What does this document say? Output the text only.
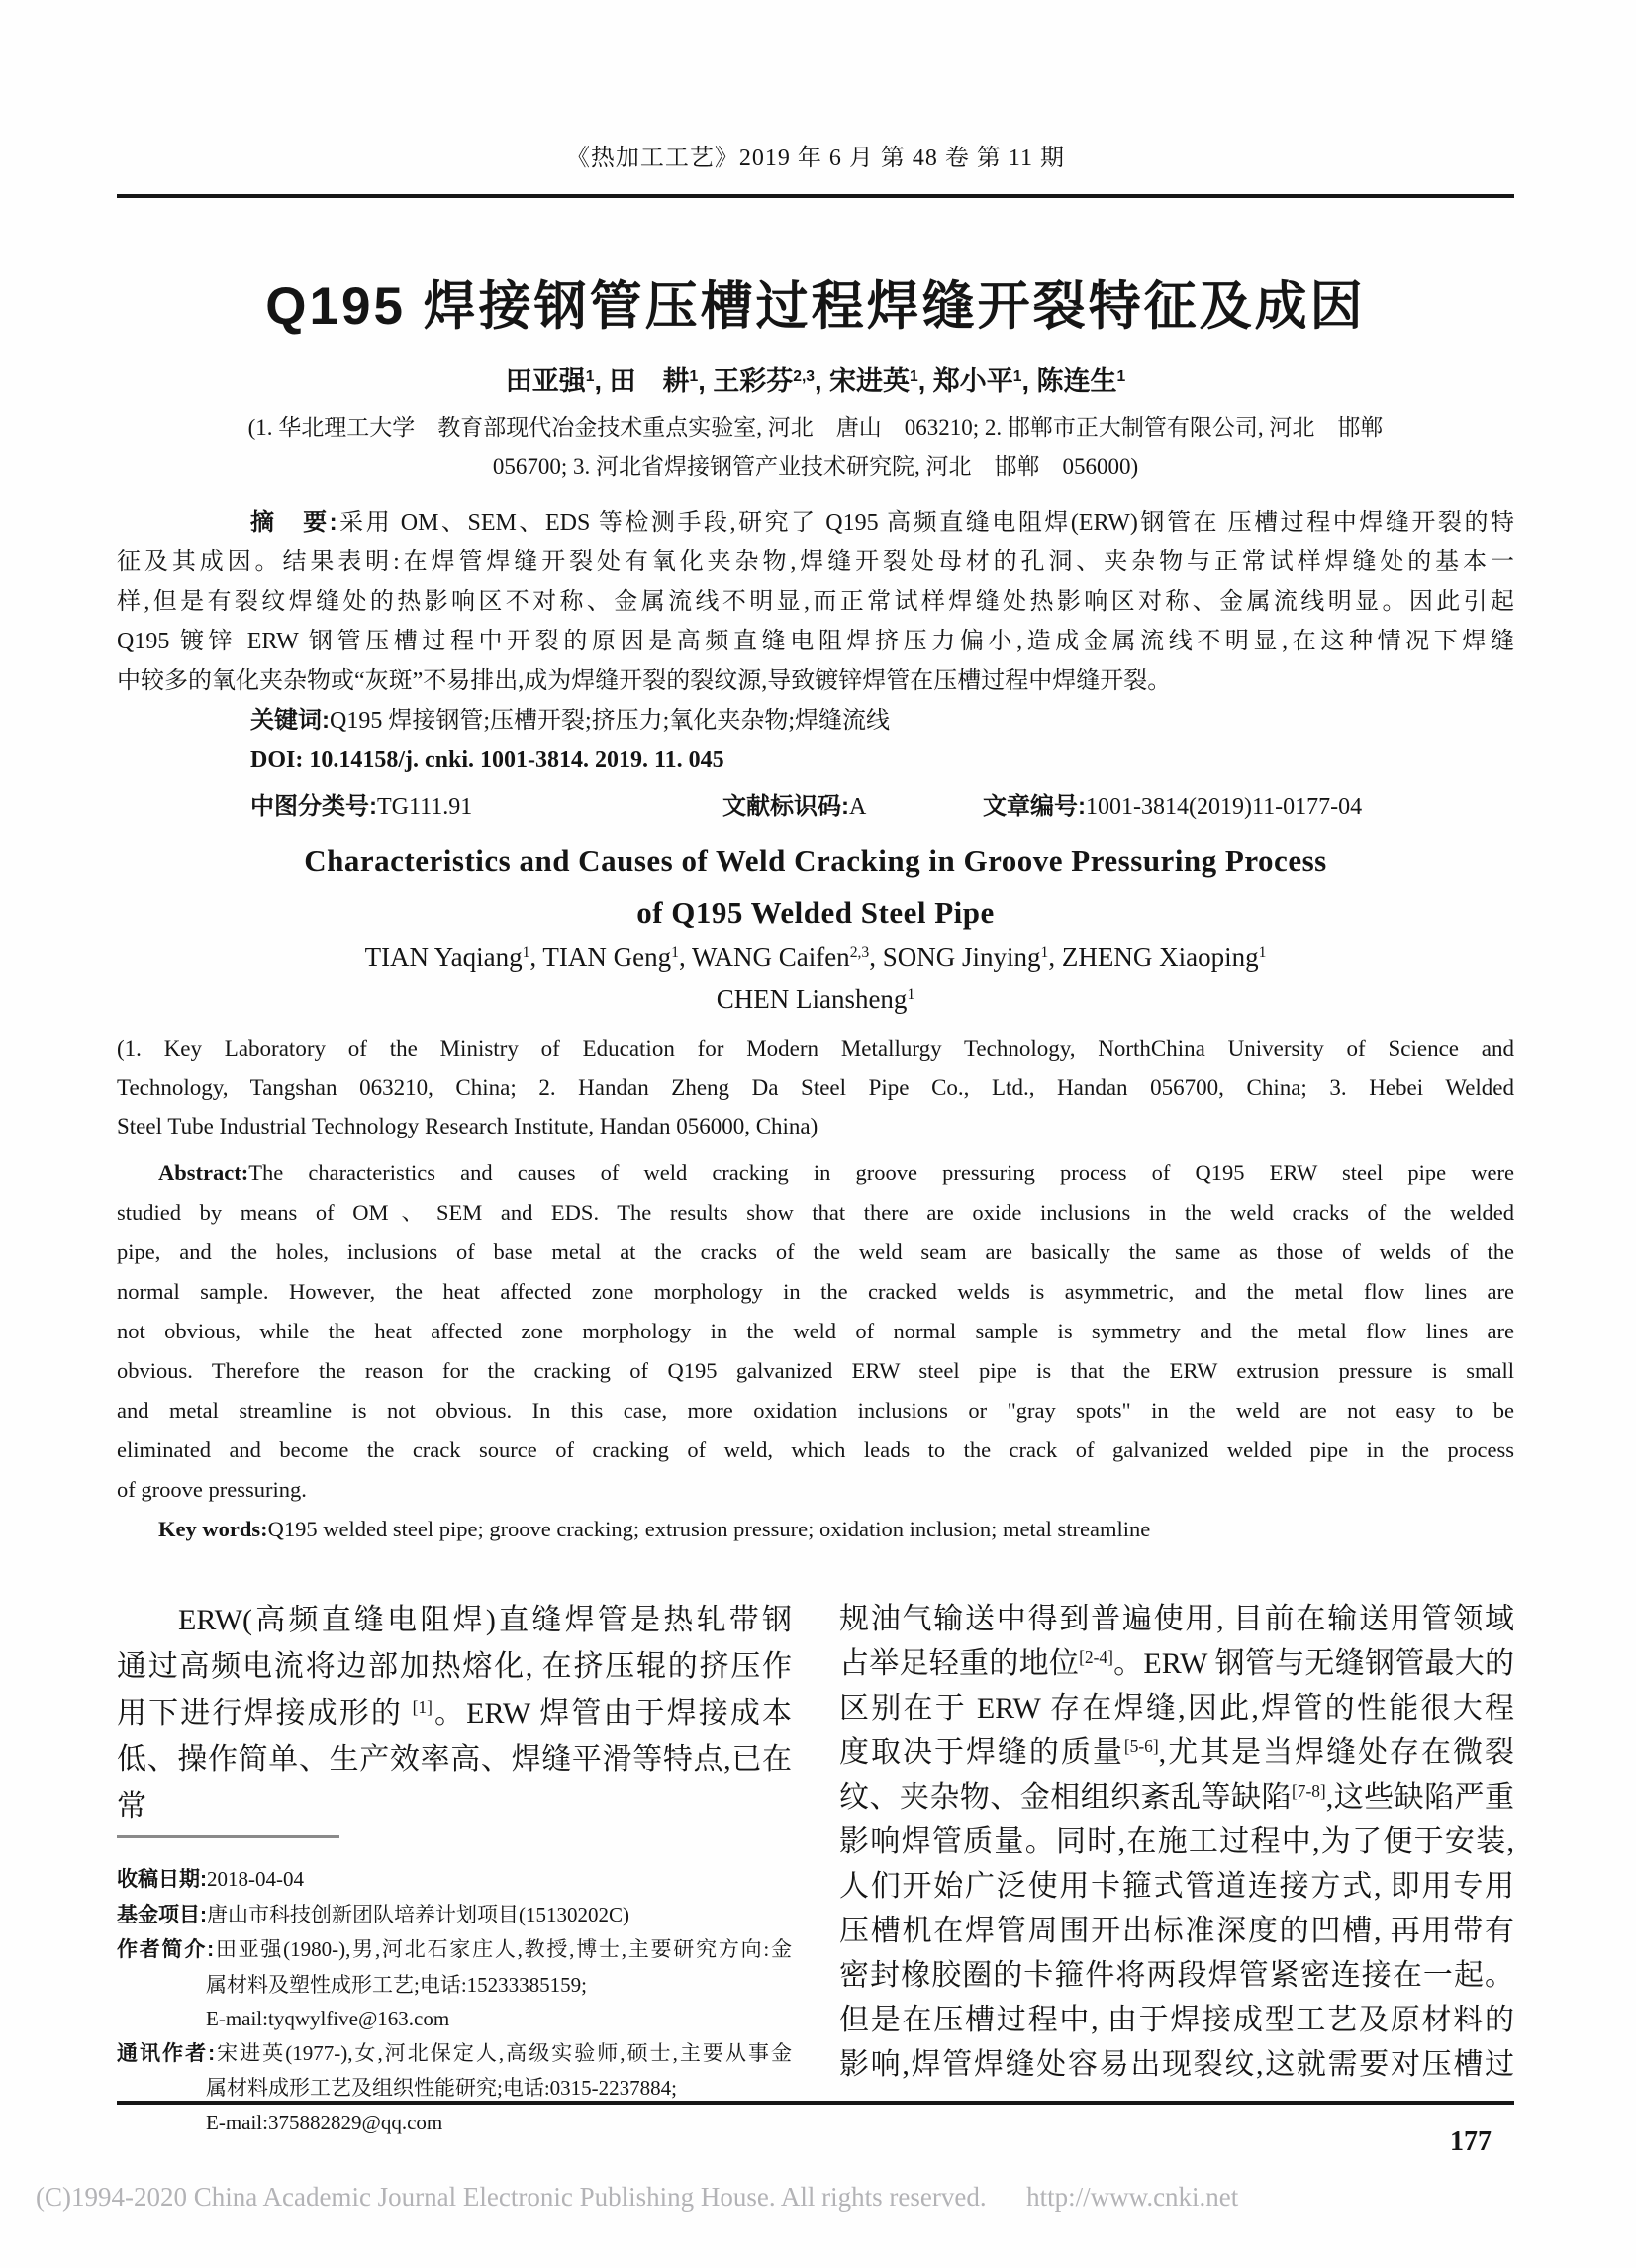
《热加工工艺》2019 年 6 月 第 48 卷 第 11 期
Q195 焊接钢管压槽过程焊缝开裂特征及成因
田亚强$^1$, 田　耕$^1$, 王彩芬$^{2,3}$, 宋进英$^1$, 郑小平$^1$, 陈连生$^1$
(1. 华北理工大学　教育部现代冶金技术重点实验室, 河北　唐山　063210; 2. 邯郸市正大制管有限公司, 河北　邯郸
056700; 3. 河北省焊接钢管产业技术研究院, 河北　邯郸　056000)
摘　要:采用 OM、SEM、EDS 等检测手段,研究了 Q195 高频直缝电阻焊(ERW)钢管在 压槽过程中焊缝开裂的特
征及其成因。结果表明:在焊管焊缝开裂处有氧化夹杂物,焊缝开裂处母材的孔洞、夹杂物与正常试样焊缝处的基本一
样,但是有裂纹焊缝处的热影响区不对称、金属流线不明显,而正常试样焊缝处热影响区对称、金属流线明显。因此引起
Q195 镀锌 ERW 钢管压槽过程中开裂的原因是高频直缝电阻焊挤压力偏小,造成金属流线不明显,在这种情况下焊缝
中较多的氧化夹杂物或“灰斑”不易排出,成为焊缝开裂的裂纹源,导致镀锌焊管在压槽过程中焊缝开裂。
关键词:Q195 焊接钢管;压槽开裂;挤压力;氧化夹杂物;焊缝流线
DOI: 10.14158/j. cnki. 1001-3814. 2019. 11. 045
中图分类号:TG111.91	文献标识码:A	文章编号:1001-3814(2019)11-0177-04
Characteristics and Causes of Weld Cracking in Groove Pressuring Process
of Q195 Welded Steel Pipe
TIAN Yaqiang$^1$, TIAN Geng$^1$, WANG Caifen$^{2,3}$, SONG Jinying$^1$, ZHENG Xiaoping$^1$
CHEN Liansheng$^1$
(1. Key Laboratory of the Ministry of Education for Modern Metallurgy Technology, NorthChina University of Science and
Technology, Tangshan 063210, China; 2. Handan Zheng Da Steel Pipe Co., Ltd., Handan 056700, China; 3. Hebei Welded
Steel Tube Industrial Technology Research Institute, Handan 056000, China)
Abstract:The characteristics and causes of weld cracking in groove pressuring process of Q195 ERW steel pipe were
studied by means of OM、SEM and EDS. The results show that there are oxide inclusions in the weld cracks of the welded
pipe, and the holes, inclusions of base metal at the cracks of the weld seam are basically the same as those of welds of the
normal sample. However, the heat affected zone morphology in the cracked welds is asymmetric, and the metal flow lines are
not obvious, while the heat affected zone morphology in the weld of normal sample is symmetry and the metal flow lines are
obvious. Therefore the reason for the cracking of Q195 galvanized ERW steel pipe is that the ERW extrusion pressure is small
and metal streamline is not obvious. In this case, more oxidation inclusions or "gray spots" in the weld are not easy to be
eliminated and become the crack source of cracking of weld, which leads to the crack of galvanized welded pipe in the process
of groove pressuring.
Key words:Q195 welded steel pipe; groove cracking; extrusion pressure; oxidation inclusion; metal streamline
ERW(高频直缝电阻焊)直缝焊管是热轧带钢
通过高频电流将边部加热熔化, 在挤压辊的挤压作
用下进行焊接成形的 [1]。ERW 焊管由于焊接成本
低、操作简单、生产效率高、焊缝平滑等特点,已在常
收稿日期:2018-04-04
基金项目:唐山市科技创新团队培养计划项目(15130202C)
作者简介:田亚强(1980-),男,河北石家庄人,教授,博士,主要研究方向:金
属材料及塑性成形工艺;电话:15233385159;
E-mail:tyqwylfive@163.com
通讯作者:宋进英(1977-),女,河北保定人,高级实验师,硕士,主要从事金
属材料成形工艺及组织性能研究;电话:0315-2237884;
E-mail:375882829@qq.com
规油气输送中得到普遍使用, 目前在输送用管领域
占举足轻重的地位[2-4]。ERW 钢管与无缝钢管最大的
区别在于 ERW 存在焊缝,因此,焊管的性能很大程
度取决于焊缝的质量[5-6],尤其是当焊缝处存在微裂
纹、夹杂物、金相组织紊乱等缺陷[7-8],这些缺陷严重
影响焊管质量。同时,在施工过程中,为了便于安装,
人们开始广泛使用卡箍式管道连接方式, 即用专用
压槽机在焊管周围开出标准深度的凹槽, 再用带有
密封橡胶圈的卡箍件将两段焊管紧密连接在一起。
但是在压槽过程中, 由于焊接成型工艺及原材料的
影响,焊管焊缝处容易出现裂纹,这就需要对压槽过
177
(C)1994-2020 China Academic Journal Electronic Publishing House. All rights reserved.      http://www.cnki.net
